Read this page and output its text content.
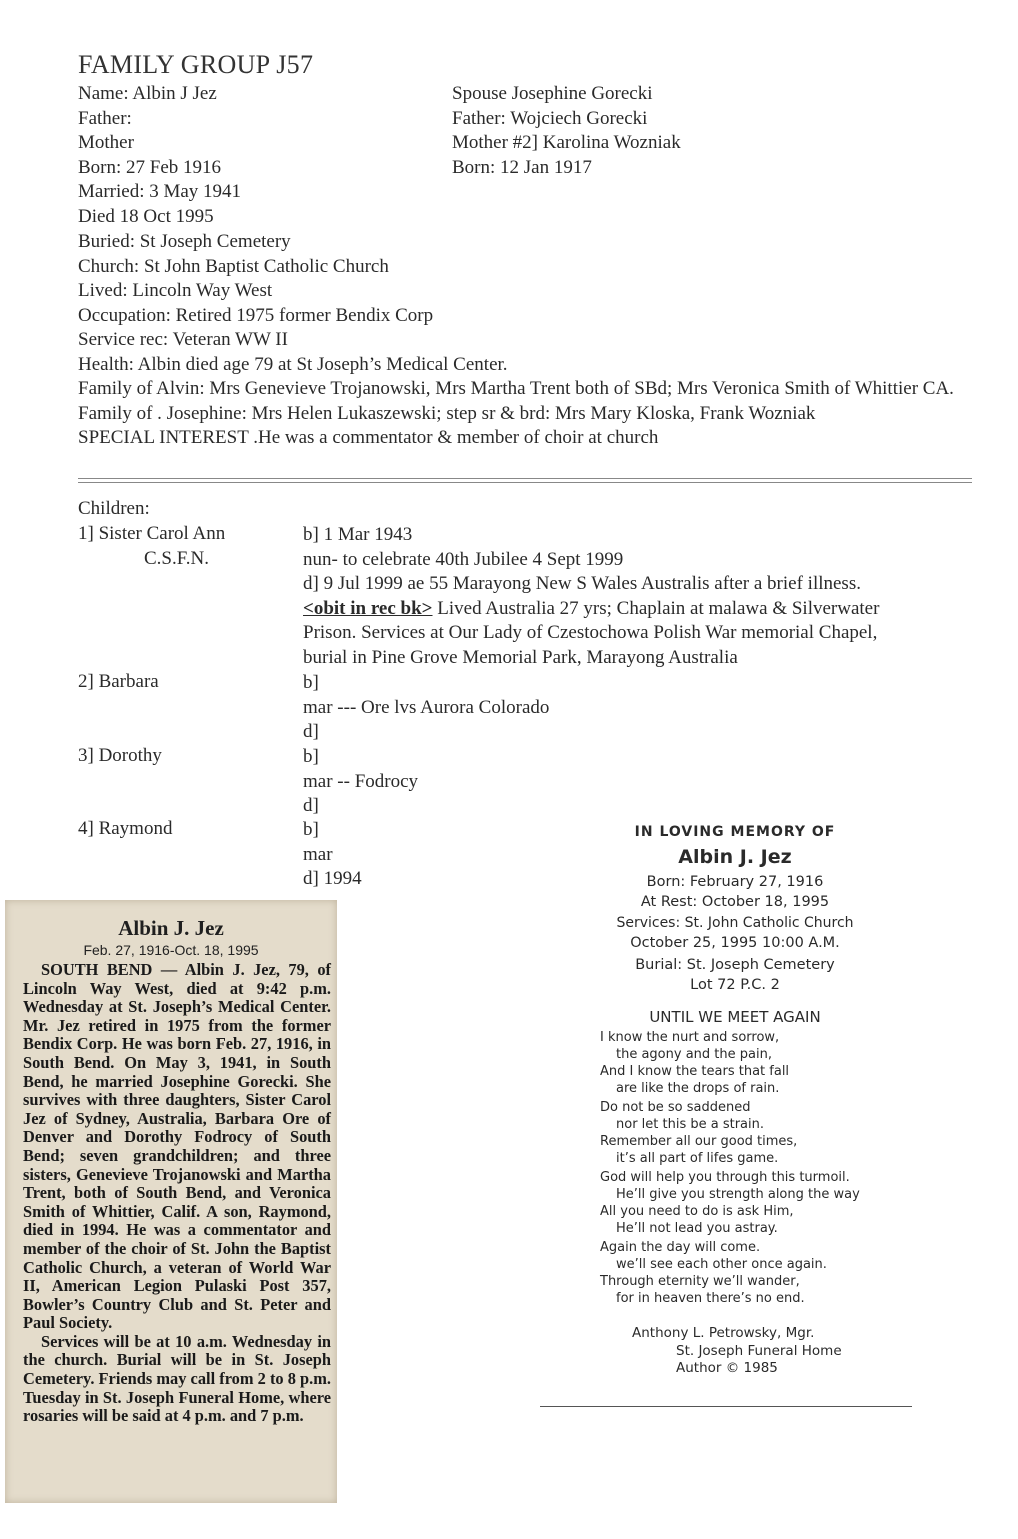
FAMILY GROUP J57
Name: Albin J Jez
Father:
Mother
Born: 27 Feb 1916
Married: 3 May 1941
Died 18 Oct 1995
Spouse Josephine Gorecki
Father: Wojciech Gorecki
Mother #2] Karolina Wozniak
Born: 12 Jan 1917
Buried: St Joseph Cemetery
Church: St John Baptist Catholic Church
Lived: Lincoln Way West
Occupation: Retired 1975 former Bendix Corp
Service rec: Veteran WW II
Health: Albin died age 79 at St Joseph’s Medical Center.
Family of Alvin: Mrs Genevieve Trojanowski, Mrs Martha Trent both of SBd; Mrs Veronica Smith of Whittier CA.
Family of . Josephine: Mrs Helen Lukaszewski; step sr & brd: Mrs Mary Kloska, Frank Wozniak
SPECIAL INTEREST .He was a commentator & member of choir at church
Children:
1] Sister Carol Ann
C.S.F.N.
b] 1 Mar 1943
nun- to celebrate 40th Jubilee 4 Sept 1999
d] 9 Jul 1999 ae 55 Marayong New S Wales Australis after a brief illness.
<obit in rec bk> Lived Australia 27 yrs; Chaplain at malawa & Silverwater
Prison. Services at Our Lady of Czestochowa Polish War memorial Chapel,
burial in Pine Grove Memorial Park, Marayong Australia
2] Barbara	b]
mar --- Ore lvs Aurora Colorado
d]
3] Dorothy	b]
mar -- Fodrocy
d]
4] Raymond	b]
mar
d] 1994
Albin J. Jez
Feb. 27, 1916-Oct. 18, 1995

SOUTH BEND — Albin J. Jez, 79, of Lincoln Way West, died at 9:42 p.m. Wednesday at St. Joseph’s Medical Center. Mr. Jez retired in 1975 from the former Bendix Corp. He was born Feb. 27, 1916, in South Bend. On May 3, 1941, in South Bend, he married Josephine Gorecki. She survives with three daughters, Sister Carol Jez of Sydney, Australia, Barbara Ore of Denver and Dorothy Fodrocy of South Bend; seven grandchildren; and three sisters, Genevieve Trojanowski and Martha Trent, both of South Bend, and Veronica Smith of Whittier, Calif. A son, Raymond, died in 1994. He was a commentator and member of the choir of St. John the Baptist Catholic Church, a veteran of World War II, American Legion Pulaski Post 357, Bowler’s Country Club and St. Peter and Paul Society.

Services will be at 10 a.m. Wednesday in the church. Burial will be in St. Joseph Cemetery. Friends may call from 2 to 8 p.m. Tuesday in St. Joseph Funeral Home, where rosaries will be said at 4 p.m. and 7 p.m.

IN LOVING MEMORY OF
Albin J. Jez
Born: February 27, 1916
At Rest: October 18, 1995
Services: St. John Catholic Church
October 25, 1995 10:00 A.M.
Burial: St. Joseph Cemetery
Lot 72 P.C. 2
UNTIL WE MEET AGAIN
I know the nurt and sorrow,
the agony and the pain,
And I know the tears that fall
are like the drops of rain.
Do not be so saddened
nor let this be a strain.
Remember all our good times,
it’s all part of lifes game.
God will help you through this turmoil.
He’ll give you strength along the way
All you need to do is ask Him,
He’ll not lead you astray.
Again the day will come.
we’ll see each other once again.
Through eternity we’ll wander,
for in heaven there’s no end.
Anthony L. Petrowsky, Mgr.
St. Joseph Funeral Home
Author © 1985
